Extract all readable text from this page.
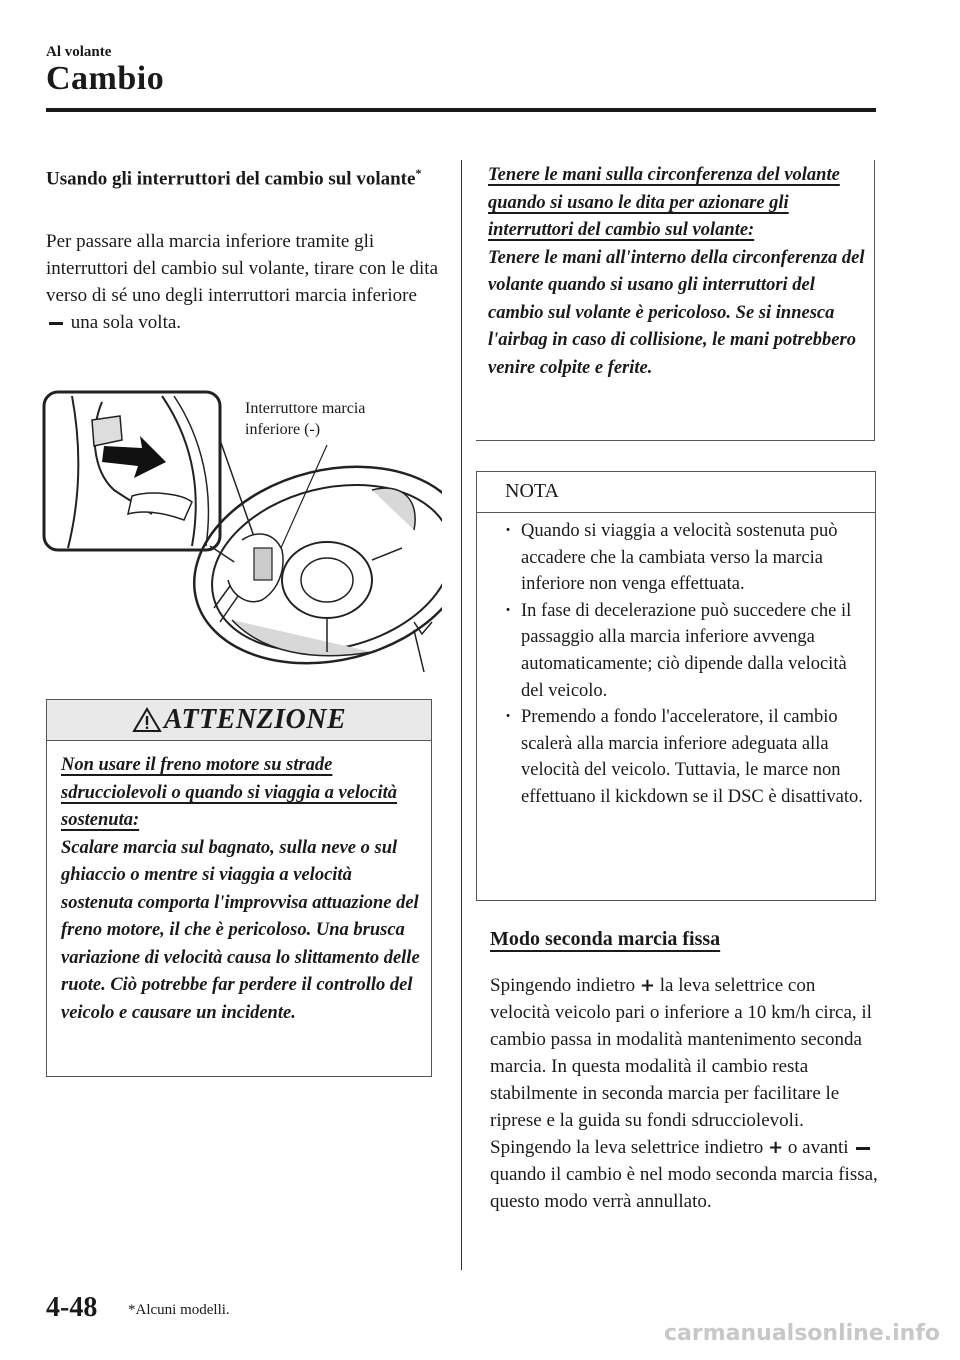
Al volante
Cambio
Usando gli interruttori del cambio sul volante*
Per passare alla marcia inferiore tramite gli interruttori del cambio sul volante, tirare con le dita verso di sé uno degli interruttori marcia inferiore  una sola volta.
Interruttore marcia
inferiore (-)
ATTENZIONE
Non usare il freno motore su strade sdrucciolevoli o quando si viaggia a velocità sostenuta:
Scalare marcia sul bagnato, sulla neve o sul ghiaccio o mentre si viaggia a velocità sostenuta comporta l'improvvisa attuazione del freno motore, il che è pericoloso. Una brusca variazione di velocità causa lo slittamento delle ruote. Ciò potrebbe far perdere il controllo del veicolo e causare un incidente.
Tenere le mani sulla circonferenza del volante quando si usano le dita per azionare gli interruttori del cambio sul volante:
Tenere le mani all'interno della circonferenza del volante quando si usano gli interruttori del cambio sul volante è pericoloso. Se si innesca l'airbag in caso di collisione, le mani potrebbero venire colpite e ferite.
NOTA
· Quando si viaggia a velocità sostenuta può accadere che la cambiata verso la marcia inferiore non venga effettuata.
· In fase di decelerazione può succedere che il passaggio alla marcia inferiore avvenga automaticamente; ciò dipende dalla velocità del veicolo.
· Premendo a fondo l'acceleratore, il cambio scalerà alla marcia inferiore adeguata alla velocità del veicolo. Tuttavia, le marce non effettuano il kickdown se il DSC è disattivato.
Modo seconda marcia fissa
Spingendo indietro + la leva selettrice con velocità veicolo pari o inferiore a 10 km/h circa, il cambio passa in modalità mantenimento seconda marcia. In questa modalità il cambio resta stabilmente in seconda marcia per facilitare le riprese e la guida su fondi sdrucciolevoli.
Spingendo la leva selettrice indietro + o avanti  quando il cambio è nel modo seconda marcia fissa, questo modo verrà annullato.
4-48 *Alcuni modelli.
carmanualsonline.info
